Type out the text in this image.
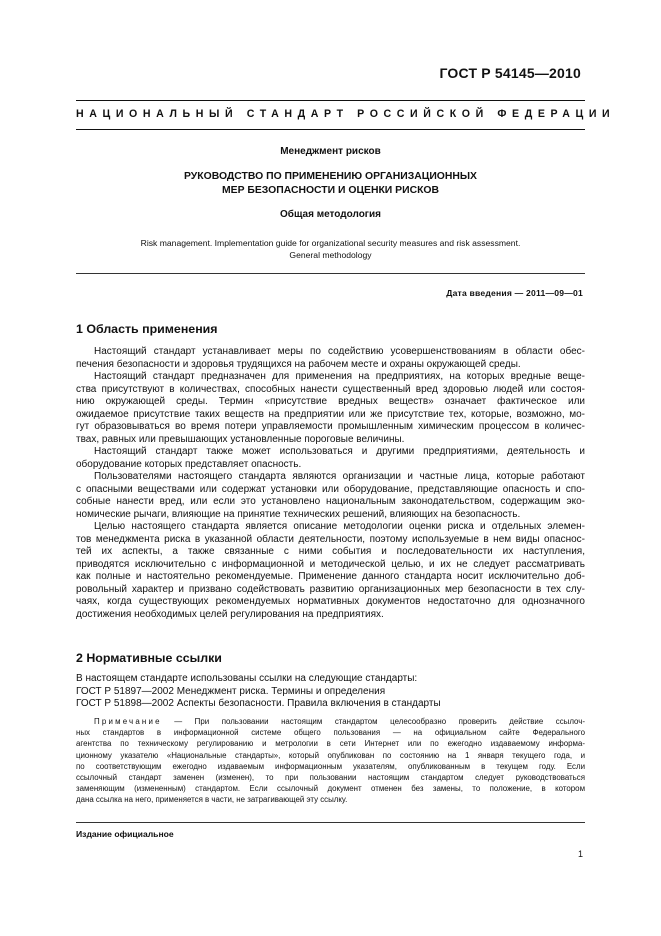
ГОСТ Р 54145—2010
НАЦИОНАЛЬНЫЙ СТАНДАРТ РОССИЙСКОЙ ФЕДЕРАЦИИ
Менеджмент рисков
РУКОВОДСТВО ПО ПРИМЕНЕНИЮ ОРГАНИЗАЦИОННЫХ
МЕР БЕЗОПАСНОСТИ И ОЦЕНКИ РИСКОВ
Общая методология
Risk management. Implementation guide for organizational security measures and risk assessment.
General methodology
Дата введения — 2011—09—01
1 Область применения
Настоящий стандарт устанавливает меры по содействию усовершенствованиям в области обес-
печения безопасности и здоровья трудящихся на рабочем месте и охраны окружающей среды.
Настоящий стандарт предназначен для применения на предприятиях, на которых вредные веще-
ства присутствуют в количествах, способных нанести существенный вред здоровью людей или состоя-
нию окружающей среды. Термин «присутствие вредных веществ» означает фактическое или
ожидаемое присутствие таких веществ на предприятии или же присутствие тех, которые, возможно, мо-
гут образовываться во время потери управляемости промышленным химическим процессом в количес-
твах, равных или превышающих установленные пороговые величины.
Настоящий стандарт также может использоваться и другими предприятиями, деятельность и
оборудование которых представляет опасность.
Пользователями настоящего стандарта являются организации и частные лица, которые работают
с опасными веществами или содержат установки или оборудование, представляющие опасность и спо-
собные нанести вред, или если это установлено национальным законодательством, содержащим эко-
номические рычаги, влияющие на принятие технических решений, влияющих на безопасность.
Целью настоящего стандарта является описание методологии оценки риска и отдельных элемен-
тов менеджмента риска в указанной области деятельности, поэтому используемые в нем виды опаснос-
тей их аспекты, а также связанные с ними события и последовательности их наступления,
приводятся исключительно с информационной и методической целью, и их не следует рассматривать
как полные и настоятельно рекомендуемые. Применение данного стандарта носит исключительно доб-
ровольный характер и призвано содействовать развитию организационных мер безопасности в тех слу-
чаях, когда существующих рекомендуемых нормативных документов недостаточно для однозначного
достижения необходимых целей регулирования на предприятиях.
2 Нормативные ссылки
В настоящем стандарте использованы ссылки на следующие стандарты:
ГОСТ Р 51897—2002 Менеджмент риска. Термины и определения
ГОСТ Р 51898—2002 Аспекты безопасности. Правила включения в стандарты
Примечание — При пользовании настоящим стандартом целесообразно проверить действие ссылоч-
ных стандартов в информационной системе общего пользования — на официальном сайте Федерального
агентства по техническому регулированию и метрологии в сети Интернет или по ежегодно издаваемому информа-
ционному указателю «Национальные стандарты», который опубликован по состоянию на 1 января текущего года, и
по соответствующим ежегодно издаваемым информационным указателям, опубликованным в текущем году. Если
ссылочный стандарт заменен (изменен), то при пользовании настоящим стандартом следует руководствоваться
заменяющим (измененным) стандартом. Если ссылочный документ отменен без замены, то положение, в котором
дана ссылка на него, применяется в части, не затрагивающей эту ссылку.
Издание официальное
1
